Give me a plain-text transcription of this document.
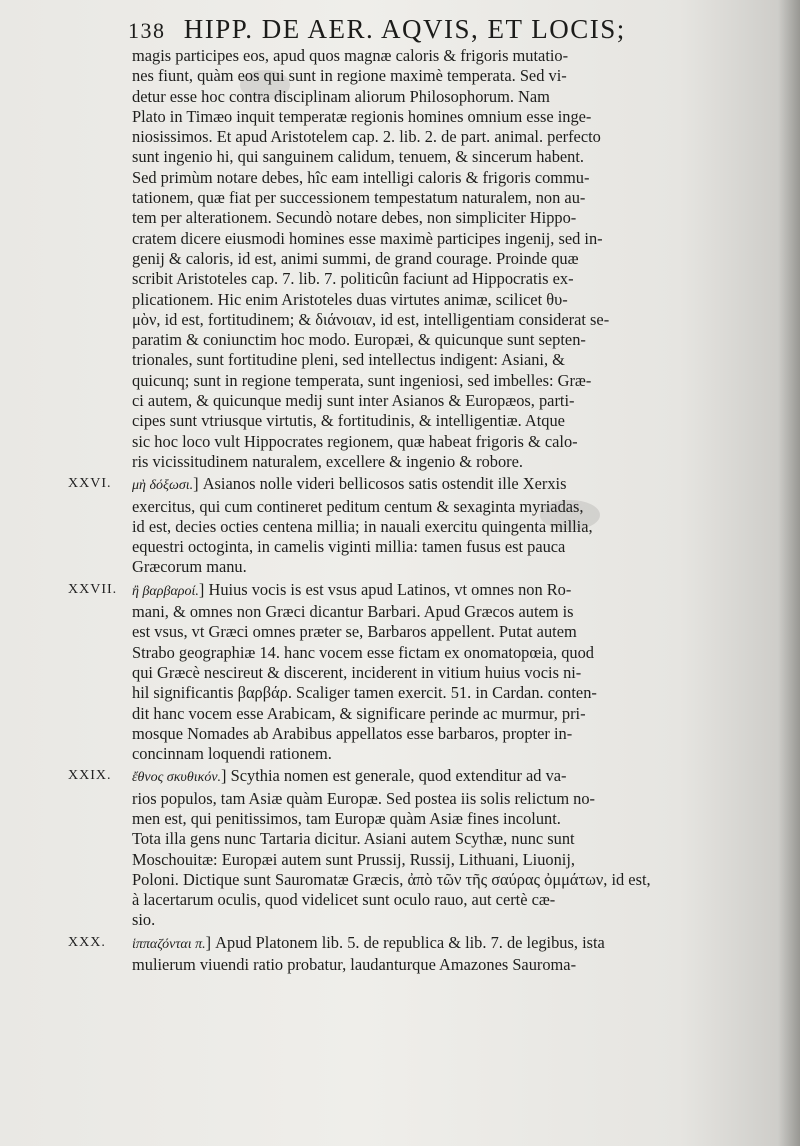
138 HIPP. DE AER. AQVIS, ET LOCIS;

magis participes eos, apud quos magnæ caloris & frigoris mutatio-

nes fiunt, quàm eos qui sunt in regione maximè temperata. Sed vi-

detur esse hoc contra disciplinam aliorum Philosophorum. Nam

Plato in Timæo inquit temperatæ regionis homines omnium esse inge-

niosissimos. Et apud Aristotelem cap. 2. lib. 2. de part. animal. perfecto

sunt ingenio hi, qui sanguinem calidum, tenuem, & sincerum habent.

Sed primùm notare debes, hîc eam intelligi caloris & frigoris commu-

tationem, quæ fiat per successionem tempestatum naturalem, non au-

tem per alterationem. Secundò notare debes, non simpliciter Hippo-

cratem dicere eiusmodi homines esse maximè participes ingenij, sed in-

genij & caloris, id est, animi summi, de grand courage. Proinde quæ

scribit Aristoteles cap. 7. lib. 7. politicûn faciunt ad Hippocratis ex-

plicationem. Hic enim Aristoteles duas virtutes animæ, scilicet θυ-

μὸν, id est, fortitudinem; & διάνοιαν, id est, intelligentiam considerat se-

paratim & coniunctim hoc modo. Europæi, & quicunque sunt septen-

trionales, sunt fortitudine pleni, sed intellectus indigent: Asiani, &

quicunq; sunt in regione temperata, sunt ingeniosi, sed imbelles: Græ-

ci autem, & quicunque medij sunt inter Asianos & Europæos, parti-

cipes sunt vtriusque virtutis, & fortitudinis, & intelligentiæ. Atque

sic hoc loco vult Hippocrates regionem, quæ habeat frigoris & calo-

ris vicissitudinem naturalem, excellere & ingenio & robore.

XXVI. μὴ δόξωσι.] Asianos nolle videri bellicosos satis ostendit ille Xerxis

exercitus, qui cum contineret peditum centum & sexaginta myriadas,

id est, decies octies centena millia; in nauali exercitu quingenta millia,

equestri octoginta, in camelis viginti millia: tamen fusus est pauca

Græcorum manu.

XXVII. ἢ βαρβαροί.] Huius vocis is est vsus apud Latinos, vt omnes non Ro-

mani, & omnes non Græci dicantur Barbari. Apud Græcos autem is

est vsus, vt Græci omnes præter se, Barbaros appellent. Putat autem

Strabo geographiæ 14. hanc vocem esse fictam ex onomatopœia, quod

qui Græcè nescireut & discerent, inciderent in vitium huius vocis ni-

hil significantis βαρβάρ. Scaliger tamen exercit. 51. in Cardan. conten-

dit hanc vocem esse Arabicam, & significare perinde ac murmur, pri-

mosque Nomades ab Arabibus appellatos esse barbaros, propter in-

concinnam loquendi rationem.

XXIX. ἔθνος σκυθικόν.] Scythia nomen est generale, quod extenditur ad va-

rios populos, tam Asiæ quàm Europæ. Sed postea iis solis relictum no-

men est, qui penitissimos, tam Europæ quàm Asiæ fines incolunt.

Tota illa gens nunc Tartaria dicitur. Asiani autem Scythæ, nunc sunt

Moschouitæ: Europæi autem sunt Prussij, Russij, Lithuani, Liuonij,

Poloni. Dictique sunt Sauromatæ Græcis, ἀπὸ τῶν τῆς σαύρας ὀμμάτων, id est,

à lacertarum oculis, quod videlicet sunt oculo rauo, aut certè cæ-

sio.

XXX. ἱππαζόνται π.] Apud Platonem lib. 5. de republica & lib. 7. de legibus, ista

mulierum viuendi ratio probatur, laudanturque Amazones Sauroma-
